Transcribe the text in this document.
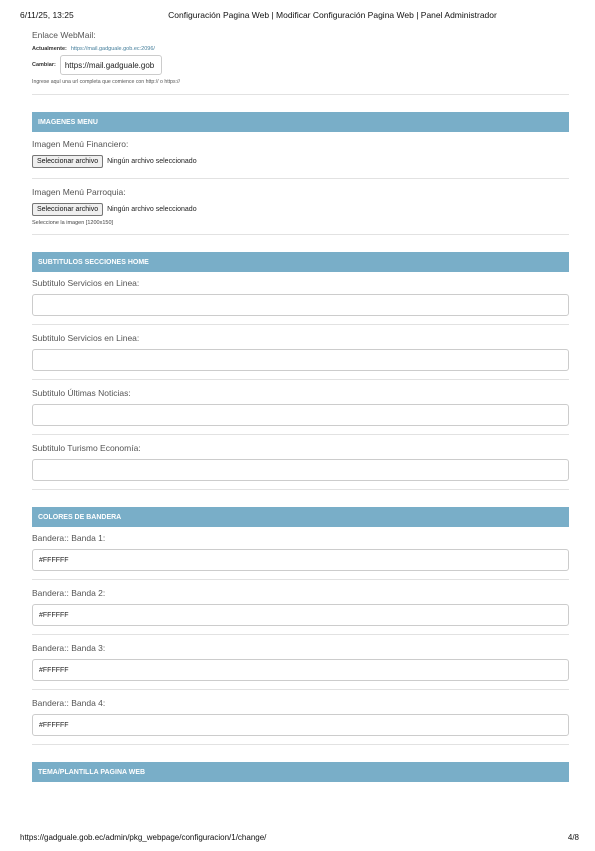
6/11/25, 13:25	Configuración Pagina Web | Modificar Configuración Pagina Web | Panel Administrador
Enlace WebMail:
Actualmente: https://mail.gadguale.gob.ec:2096/
Cambiar:
https://mail.gadguale.gob
Ingrese aquí una url completa que comience con http:// o https://
IMAGENES MENU
Imagen Menú Financiero:
Seleccionar archivo	Ningún archivo seleccionado
Imagen Menú Parroquia:
Seleccionar archivo	Ningún archivo seleccionado
Seleccione la imagen [1200x150]
SUBTITULOS SECCIONES HOME
Subtitulo Servicios en Linea:
Subtitulo Servicios en Linea:
Subtitulo Últimas Noticias:
Subtitulo Turismo Economía:
COLORES DE BANDERA
Bandera:: Banda 1:
#FFFFFF
Bandera:: Banda 2:
#FFFFFF
Bandera:: Banda 3:
#FFFFFF
Bandera:: Banda 4:
#FFFFFF
TEMA/PLANTILLA PAGINA WEB
https://gadguale.gob.ec/admin/pkg_webpage/configuracion/1/change/	4/8
